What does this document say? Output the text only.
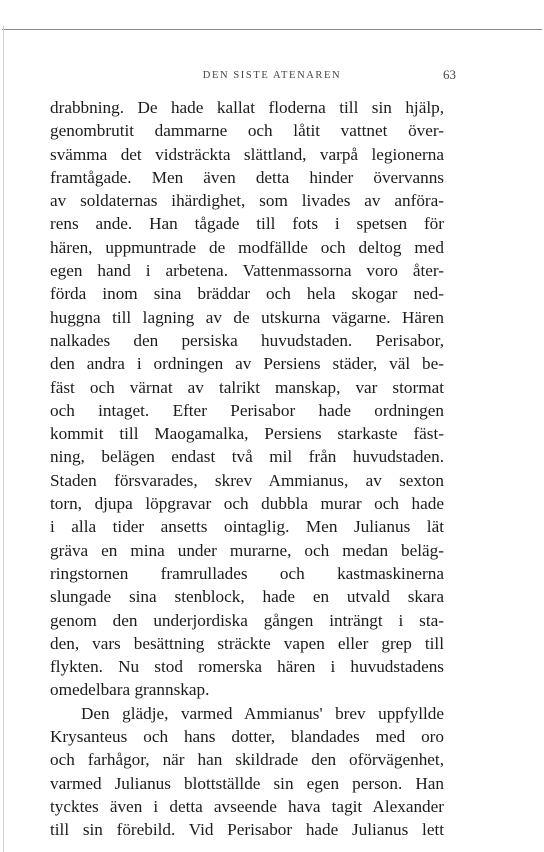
DEN SISTE ATENAREN	63
drabbning. De hade kallat floderna till sin hjälp,
genombrutit dammarne och låtit vattnet över-
svämma det vidsträckta slättland, varpå legionerna
framtågade. Men även detta hinder övervanns
av soldaternas ihärdighet, som livades av anföra-
rens ande. Han tågade till fots i spetsen för
hären, uppmuntrade de modfällde och deltog med
egen hand i arbetena. Vattenmassorna voro åter-
förda inom sina bräddar och hela skogar ned-
huggna till lagning av de utskurna vägarne. Hären
nalkades den persiska huvudstaden. Perisabor,
den andra i ordningen av Persiens städer, väl be-
fäst och värnat av talrikt manskap, var stormat
och intaget. Efter Perisabor hade ordningen
kommit till Maogamalka, Persiens starkaste fäst-
ning, belägen endast två mil från huvudstaden.
Staden försvarades, skrev Ammianus, av sexton
torn, djupa löpgravar och dubbla murar och hade
i alla tider ansetts ointaglig. Men Julianus lät
gräva en mina under murarne, och medan beläg-
ringstornen framrullades och kastmaskinerna
slungade sina stenblock, hade en utvald skara
genom den underjordiska gången inträngt i sta-
den, vars besättning sträckte vapen eller grep till
flykten. Nu stod romerska hären i huvudstadens
omedelbara grannskap.
Den glädje, varmed Ammianus' brev uppfyllde
Krysanteus och hans dotter, blandades med oro
och farhågor, när han skildrade den oförvägenhet,
varmed Julianus blottställde sin egen person. Han
tycktes även i detta avseende hava tagit Alexander
till sin förebild. Vid Perisabor hade Julianus lett
